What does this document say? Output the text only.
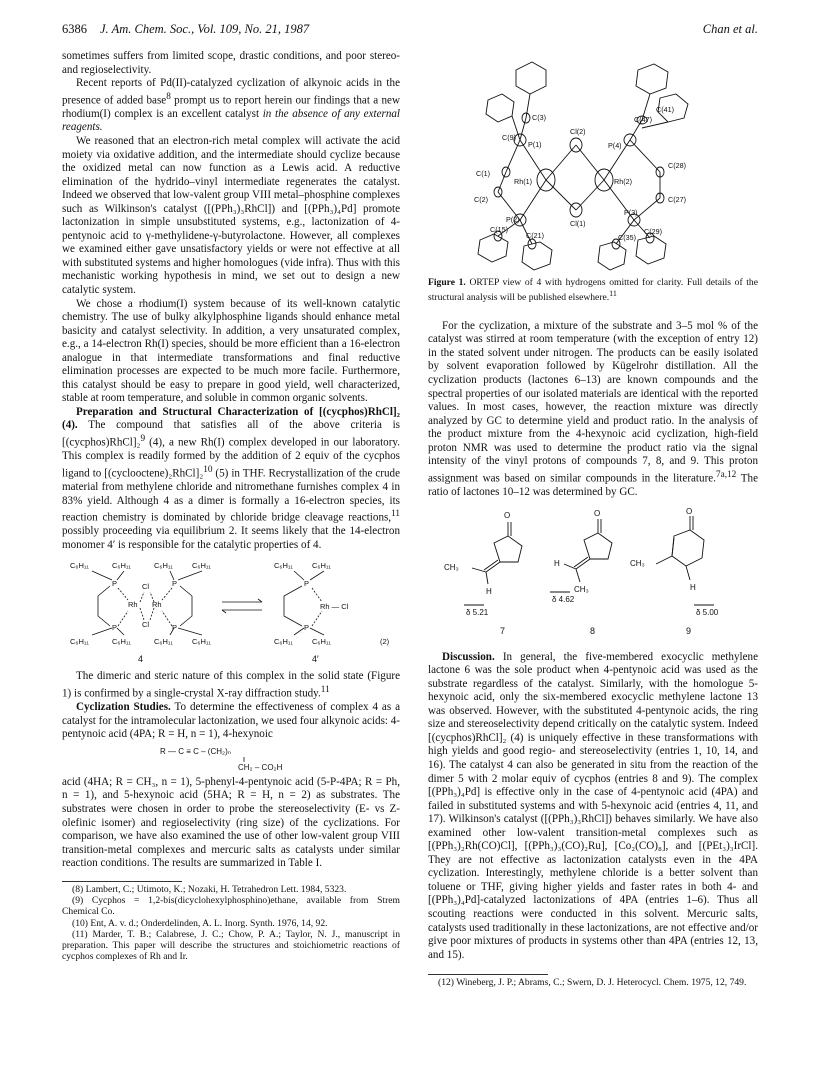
6386 J. Am. Chem. Soc., Vol. 109, No. 21, 1987	Chan et al.

sometimes suffers from limited scope, drastic conditions, and poor stereo- and regioselectivity.

Recent reports of Pd(II)-catalyzed cyclization of alkynoic acids in the presence of added base$^8$ prompt us to report herein our findings that a new rhodium(I) complex is an excellent catalyst in the absence of any external reagents.

We reasoned that an electron-rich metal complex will activate the acid moiety via oxidative addition, and the intermediate should cyclize because the oxidized metal can now function as a Lewis acid. A reductive elimination of the hydrido–vinyl intermediate regenerates the catalyst. Indeed we observed that low-valent group VIII metal–phosphine complexes such as Wilkinson's catalyst ([(PPh₃)₃RhCl]) and [(PPh₃)₄Pd] promote lactonization in simple unsubstituted systems, e.g., lactonization of 4-pentynoic acid to γ-methylidene-γ-butyrolactone. However, all complexes we examined either gave unsatisfactory yields or were not effective at all with substituted systems and higher homologues (vide infra). Thus with this mechanistic working hypothesis in mind, we set out to design a new catalytic system.

We chose a rhodium(I) system because of its well-known catalytic chemistry. The use of bulky alkylphosphine ligands should enhance metal basicity and catalyst selectivity. In addition, a very unsaturated complex, e.g., a 14-electron Rh(I) species, should be more efficient than a 16-electron analogue in that intermediate transformations and final reductive elimination processes are expected to be much more facile. Furthermore, this catalyst should be easy to prepare in good yield, well characterized, stable at room temperature, and soluble in common organic solvents.

Preparation and Structural Characterization of [(cycphos)RhCl]₂ (4). The compound that satisfies all of the above criteria is [(cycphos)RhCl]₂$^9$ (4), a new Rh(I) complex developed in our laboratory. This complex is readily formed by the addition of 2 equiv of the cycphos ligand to [(cyclooctene)₂RhCl]₂$^{10}$ (5) in THF. Recrystallization of the crude material from methylene chloride and nitromethane furnishes complex 4 in 83% yield. Although 4 as a dimer is formally a 16-electron species, its reaction chemistry is dominated by chloride bridge cleavage reactions,$^{11}$ possibly proceeding via equilibrium 2. It seems likely that the 14-electron monomer 4′ is responsible for the catalytic properties of 4.

C₆H₁₁	C₆H₁₁	C₆H₁₁	C₆H₁₁
C₆H₁₁	C₆H₁₁	C₆H₁₁	C₆H₁₁
P	P
P	P
Rh Rh
Cl
Cl
C₆H₁₁	C₆H₁₁
C₆H₁₁	C₆H₁₁
P
P
Rh — Cl
(2)
4	4′

The dimeric and steric nature of this complex in the solid state (Figure 1) is confirmed by a single-crystal X-ray diffraction study.$^{11}$

Cyclization Studies. To determine the effectiveness of complex 4 as a catalyst for the intramolecular lactonization, we used four alkynoic acids: 4-pentynoic acid (4PA; R = H, n = 1), 4-hexynoic

R — C ≡ C – (CH₂)ₙ
CH₂ – CO₂H

acid (4HA; R = CH₃, n = 1), 5-phenyl-4-pentynoic acid (5-P-4PA; R = Ph, n = 1), and 5-hexynoic acid (5HA; R = H, n = 2) as substrates. The substrates were chosen in order to probe the stereoselectivity (E- vs Z-olefinic isomer) and regioselectivity (ring size) of the cyclizations. For comparison, we have also examined the use of other low-valent group VIII transition-metal complexes and mercuric salts as catalysts under similar reaction conditions. The results are summarized in Table I.

(8) Lambert, C.; Utimoto, K.; Nozaki, H. Tetrahedron Lett. 1984, 5323.

(9) Cycphos = 1,2-bis(dicyclohexylphosphino)ethane, available from Strem Chemical Co.

(10) Ent, A. v. d.; Onderdelinden, A. L. Inorg. Synth. 1976, 14, 92.

(11) Marder, T. B.; Calabrese, J. C.; Chow, P. A.; Taylor, N. J., manuscript in preparation. This paper will describe the structures and stoichiometric reactions of cycphos complexes of Rh and Ir.

C(3)
C(9)
P(1)
C(1)
C(2)
Rh(1)
P(2)
C(15)
C(21)
Cl(2)
Cl(1)
C(41)
C(47)
P(4)
Rh(2)
C(28)
C(27)
P(3)
C(29)
C(35)
Figure 1. ORTEP view of 4 with hydrogens omitted for clarity. Full details of the structural analysis will be published elsewhere.$^{11}$

For the cyclization, a mixture of the substrate and 3–5 mol % of the catalyst was stirred at room temperature (with the exception of entry 12) in the stated solvent under nitrogen. The products can be easily isolated by solvent evaporation followed by Kügelrohr distillation. All the cyclization products (lactones 6–13) are known compounds and the spectral properties of our isolated materials are identical with the reported values. In most cases, however, the reaction mixture was directly analyzed by GC to determine yield and product ratio. In the analysis of the product mixture from the 4-hexynoic acid cyclization, high-field proton NMR was used to determine the product ratio via the signal intensity of the vinyl protons of compounds 7, 8, and 9. This proton assignment was based on similar compounds in the literature.$^{7a,12}$ The ratio of lactones 10–12 was determined by GC.

O	O	O
CH₃
H
H
CH₃
CH₃
H
δ 5.21
δ 4.62
δ 5.00
7	8	9

Discussion. In general, the five-membered exocyclic methylene lactone 6 was the sole product when 4-pentynoic acid was used as the substrate regardless of the catalyst. Similarly, with the homologue 5-hexynoic acid, only the six-membered exocyclic methylene lactone 13 was observed. However, with the substituted 4-pentynoic acids, the ring size and stereoselectivity depend critically on the catalytic system. Indeed [(cycphos)RhCl]₂ (4) is uniquely effective in these transformations with high yields and good regio- and stereoselectivity (entries 1, 10, 14, and 16). The catalyst 4 can also be generated in situ from the reaction of the dimer 5 with 2 molar equiv of cycphos (entries 8 and 9). The complex [(PPh₃)₄Pd] is effective only in the case of 4-pentynoic acid (4PA) and failed in substituted systems and with 5-hexynoic acid (entries 4, 11, and 17). Wilkinson's catalyst ([(PPh₃)₃RhCl]) behaves similarly. We have also examined other low-valent transition-metal complexes such as [(PPh₃)₂Rh(CO)Cl], [(PPh₃)₃(CO)₂Ru], [Co₂(CO)₈], and [(PEt₃)₃IrCl]. They are not effective as lactonization catalysts even in the 4PA cyclization. Interestingly, methylene chloride is a better solvent than toluene or THF, giving higher yields and faster rates in both 4- and [(PPh₃)₄Pd]-catalyzed lactonizations of 4PA (entries 1–6). Thus all scouting reactions were conducted in this solvent. Mercuric salts, catalysts used traditionally in these lactonizations, are not effective and/or give poor mixtures of products in systems other than 4PA (entries 12, 13, and 15).

(12) Wineberg, J. P.; Abrams, C.; Swern, D. J. Heterocycl. Chem. 1975, 12, 749.
